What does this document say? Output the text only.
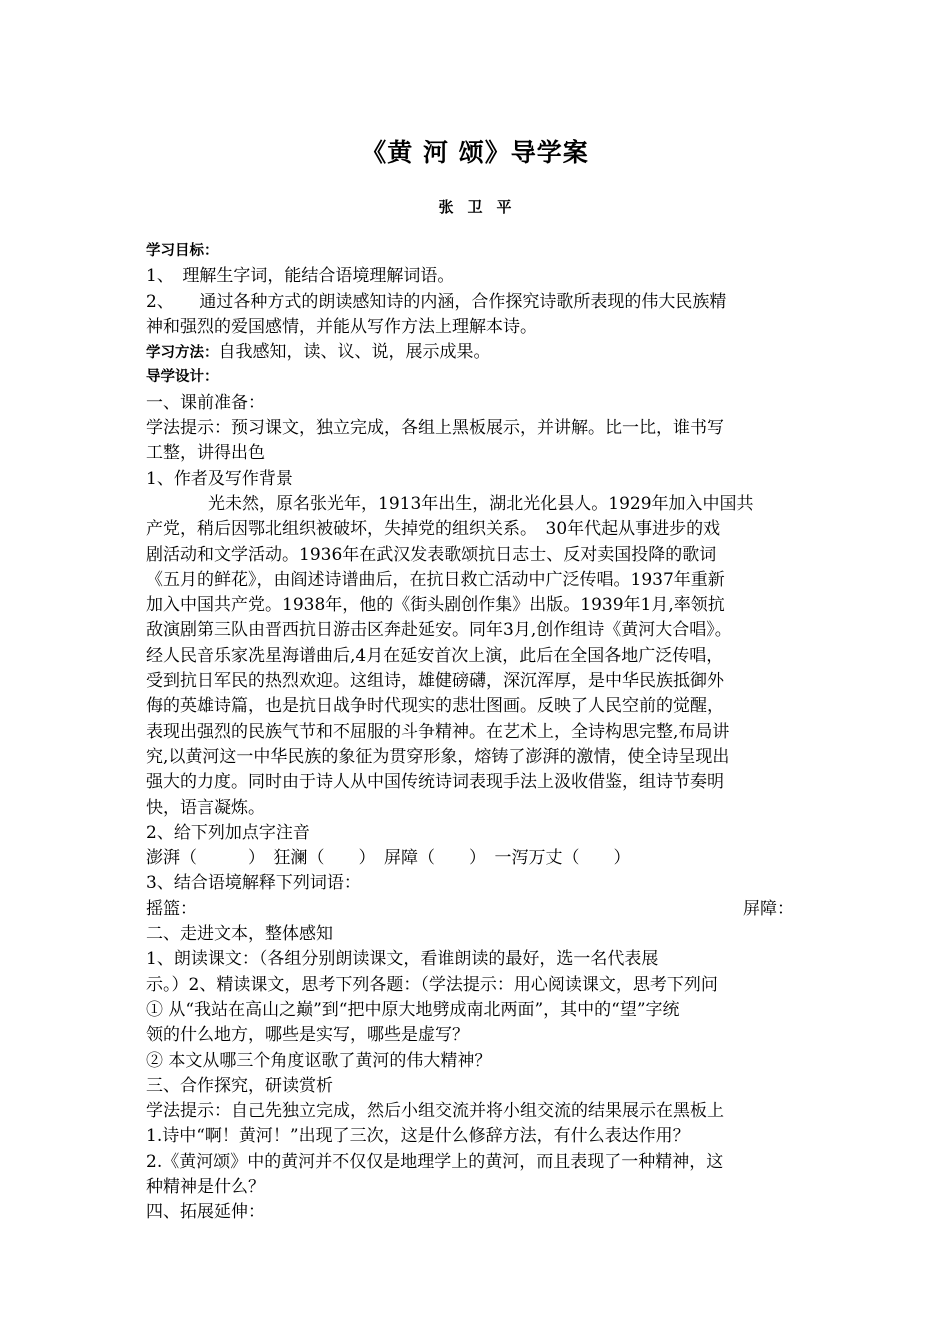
《黄 河 颂》导学案
张 卫 平
学习目标：
1、　理解生字词，能结合语境理解词语。
2、　　通过各种方式的朗读感知诗的内涵，合作探究诗歌所表现的伟大民族精
神和强烈的爱国感情，并能从写作方法上理解本诗。
学习方法：自我感知，读、议、说，展示成果。
导学设计：
一、课前准备：
学法提示：预习课文，独立完成，各组上黑板展示，并讲解。比一比，谁书写
工整，讲得出色
1、作者及写作背景
光未然，原名张光年，1913年出生，湖北光化县人。1929年加入中国共
产党，稍后因鄂北组织被破坏，失掉党的组织关系。　30年代起从事进步的戏
剧活动和文学活动。1936年在武汉发表歌颂抗日志士、反对卖国投降的歌词
《五月的鲜花》，由阎述诗谱曲后，在抗日救亡活动中广泛传唱。1937年重新
加入中国共产党。1938年，他的《街头剧创作集》出版。1939年1月,率领抗
敌演剧第三队由晋西抗日游击区奔赴延安。同年3月,创作组诗《黄河大合唱》。
经人民音乐家冼星海谱曲后,4月在延安首次上演，此后在全国各地广泛传唱，
受到抗日军民的热烈欢迎。这组诗，雄健磅礴，深沉浑厚，是中华民族抵御外
侮的英雄诗篇，也是抗日战争时代现实的悲壮图画。反映了人民空前的觉醒，
表现出强烈的民族气节和不屈服的斗争精神。在艺术上，全诗构思完整,布局讲
究,以黄河这一中华民族的象征为贯穿形象，熔铸了澎湃的激情，使全诗呈现出
强大的力度。同时由于诗人从中国传统诗词表现手法上汲收借鉴，组诗节奏明
快，语言凝炼。
2、给下列加点字注音
澎湃（　　　）　狂澜（　　）　屏障（　　）　一泻万丈（　　）
3、结合语境解释下列词语：
摇篮：	屏障：
二、走进文本，整体感知
1、朗读课文：（各组分别朗读课文，看谁朗读的最好，选一名代表展
示。）2、精读课文，思考下列各题：（学法提示：用心阅读课文，思考下列问
① 从“我站在高山之巅”到“把中原大地劈成南北两面”，其中的“望”字统
领的什么地方，哪些是实写，哪些是虚写？
② 本文从哪三个角度讴歌了黄河的伟大精神？
三、合作探究，研读赏析
学法提示：自己先独立完成，然后小组交流并将小组交流的结果展示在黑板上
1.诗中“啊！黄河！”出现了三次，这是什么修辞方法，有什么表达作用？
2.《黄河颂》中的黄河并不仅仅是地理学上的黄河，而且表现了一种精神，这
种精神是什么？
四、拓展延伸：
